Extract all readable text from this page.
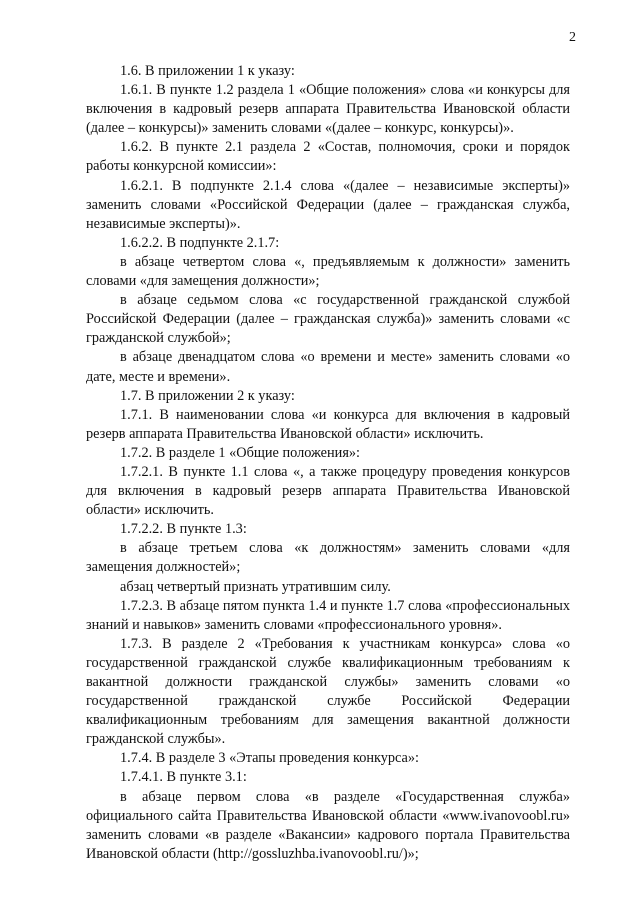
2

1.6. В приложении 1 к указу:

1.6.1. В пункте 1.2 раздела 1 «Общие положения» слова «и конкурсы для включения в кадровый резерв аппарата Правительства Ивановской области (далее – конкурсы)» заменить словами «(далее – конкурс, конкурсы)».

1.6.2. В пункте 2.1 раздела 2 «Состав, полномочия, сроки и порядок работы конкурсной комиссии»:

1.6.2.1. В подпункте 2.1.4 слова «(далее – независимые эксперты)» заменить словами «Российской Федерации (далее – гражданская служба, независимые эксперты)».

1.6.2.2. В подпункте 2.1.7:

в абзаце четвертом слова «, предъявляемым к должности» заменить словами «для замещения должности»;

в абзаце седьмом слова «с государственной гражданской службой Российской Федерации (далее – гражданская служба)» заменить словами «с гражданской службой»;

в абзаце двенадцатом слова «о времени и месте» заменить словами «о дате, месте и времени».

1.7. В приложении 2 к указу:

1.7.1. В наименовании слова «и конкурса для включения в кадровый резерв аппарата Правительства Ивановской области» исключить.

1.7.2. В разделе 1 «Общие положения»:

1.7.2.1. В пункте 1.1 слова «, а также процедуру проведения конкурсов для включения в кадровый резерв аппарата Правительства Ивановской области» исключить.

1.7.2.2. В пункте 1.3:

в абзаце третьем слова «к должностям» заменить словами «для замещения должностей»;

абзац четвертый признать утратившим силу.

1.7.2.3. В абзаце пятом пункта 1.4 и пункте 1.7 слова «профессиональных знаний и навыков» заменить словами «профессионального уровня».

1.7.3. В разделе 2 «Требования к участникам конкурса» слова «о государственной гражданской службе квалификационным требованиям к вакантной должности гражданской службы» заменить словами «о государственной гражданской службе Российской Федерации квалификационным требованиям для замещения вакантной должности гражданской службы».

1.7.4. В разделе 3 «Этапы проведения конкурса»:

1.7.4.1. В пункте 3.1:

в абзаце первом слова «в разделе «Государственная служба» официального сайта Правительства Ивановской области «www.ivanovoobl.ru» заменить словами «в разделе «Вакансии» кадрового портала Правительства Ивановской области (http://gossluzhba.ivanovoobl.ru/)»;
